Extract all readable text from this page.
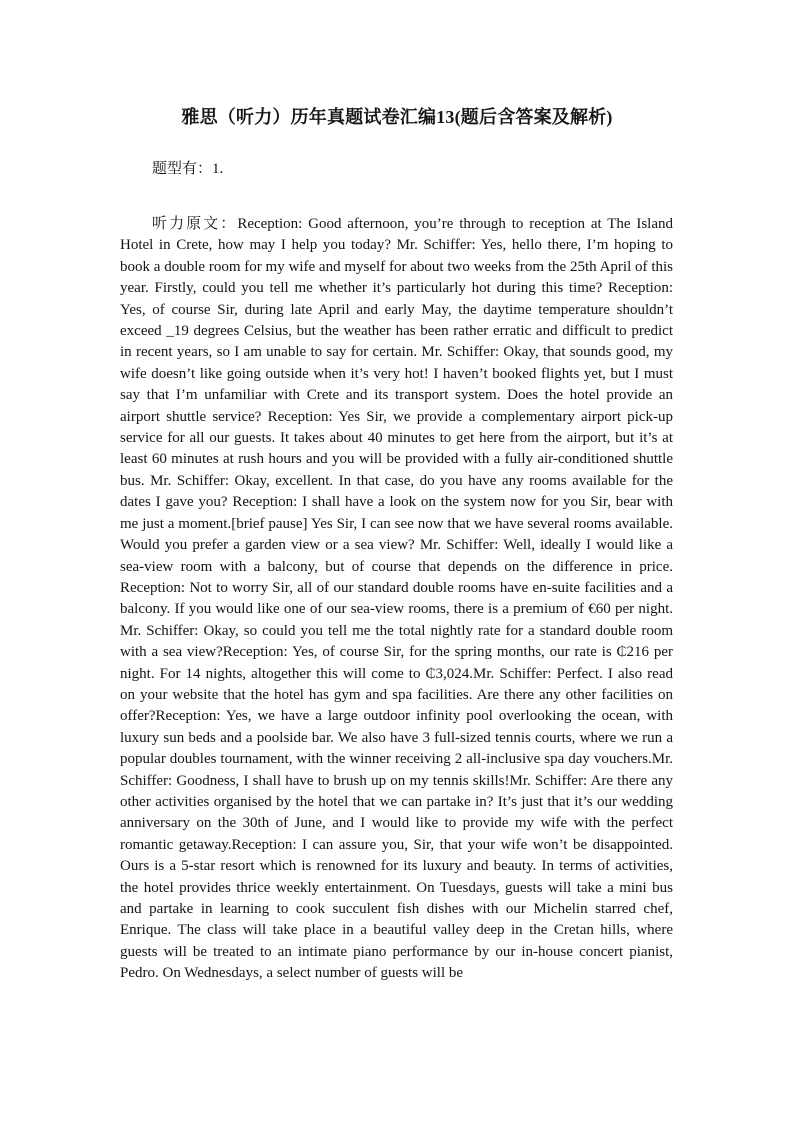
雅思（听力）历年真题试卷汇编13(题后含答案及解析)
题型有：1.

听力原文：Reception: Good afternoon, you’re through to reception at The Island Hotel in Crete, how may I help you today? Mr. Schiffer: Yes, hello there, I’m hoping to book a double room for my wife and myself for about two weeks from the 25th April of this year. Firstly, could you tell me whether it’s particularly hot during this time? Reception: Yes, of course Sir, during late April and early May, the daytime temperature shouldn’t exceed _19 degrees Celsius, but the weather has been rather erratic and difficult to predict in recent years, so I am unable to say for certain. Mr. Schiffer: Okay, that sounds good, my wife doesn’t like going outside when it’s very hot! I haven’t booked flights yet, but I must say that I’m unfamiliar with Crete and its transport system. Does the hotel provide an airport shuttle service? Reception: Yes Sir, we provide a complementary airport pick-up service for all our guests. It takes about 40 minutes to get here from the airport, but it’s at least 60 minutes at rush hours and you will be provided with a fully air-conditioned shuttle bus. Mr. Schiffer: Okay, excellent. In that case, do you have any rooms available for the dates I gave you? Reception: I shall have a look on the system now for you Sir, bear with me just a moment.[brief pause] Yes Sir, I can see now that we have several rooms available. Would you prefer a garden view or a sea view? Mr. Schiffer: Well, ideally I would like a sea-view room with a balcony, but of course that depends on the difference in price. Reception: Not to worry Sir, all of our standard double rooms have en-suite facilities and a balcony. If you would like one of our sea-view rooms, there is a premium of €60 per night. Mr. Schiffer: Okay, so could you tell me the total nightly rate for a standard double room with a sea view?Reception: Yes, of course Sir, for the spring months, our rate is ₵216 per night. For 14 nights, altogether this will come to ₵3,024.Mr. Schiffer: Perfect. I also read on your website that the hotel has gym and spa facilities. Are there any other facilities on offer?Reception: Yes, we have a large outdoor infinity pool overlooking the ocean, with luxury sun beds and a poolside bar. We also have 3 full-sized tennis courts, where we run a popular doubles tournament, with the winner receiving 2 all-inclusive spa day vouchers.Mr. Schiffer: Goodness, I shall have to brush up on my tennis skills!Mr. Schiffer: Are there any other activities organised by the hotel that we can partake in? It’s just that it’s our wedding anniversary on the 30th of June, and I would like to provide my wife with the perfect romantic getaway.Reception: I can assure you, Sir, that your wife won’t be disappointed. Ours is a 5-star resort which is renowned for its luxury and beauty. In terms of activities, the hotel provides thrice weekly entertainment. On Tuesdays, guests will take a mini bus and partake in learning to cook succulent fish dishes with our Michelin starred chef, Enrique. The class will take place in a beautiful valley deep in the Cretan hills, where guests will be treated to an intimate piano performance by our in-house concert pianist, Pedro. On Wednesdays, a select number of guests will be
